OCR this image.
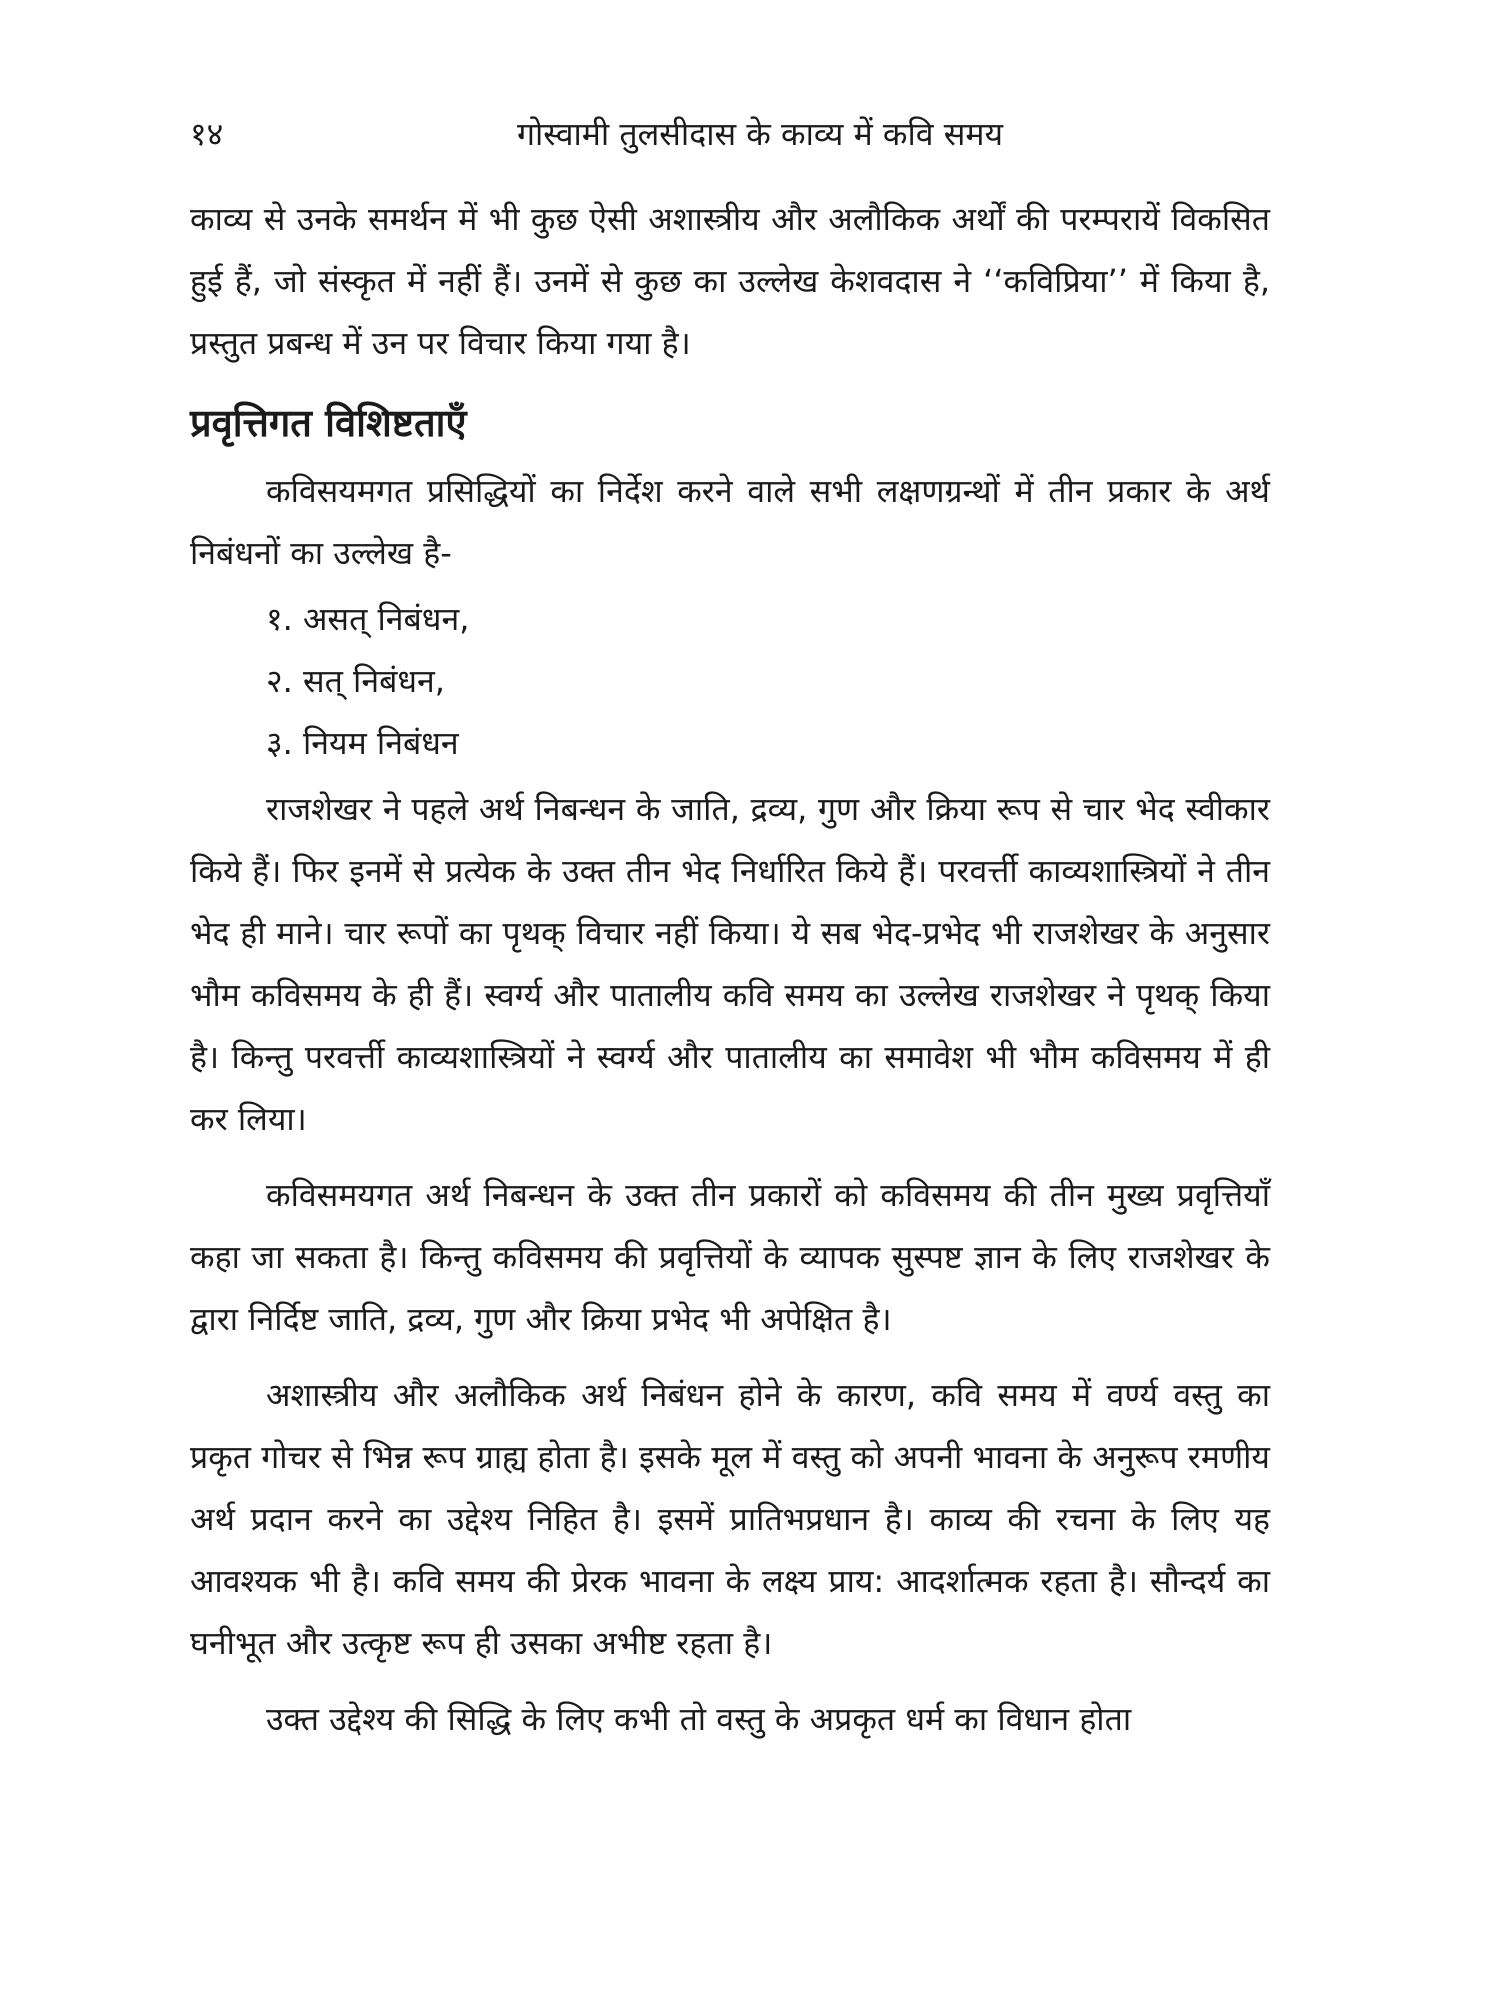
१४	गोस्वामी तुलसीदास के काव्य में कवि समय

काव्य से उनके समर्थन में भी कुछ ऐसी अशास्त्रीय और अलौकिक अर्थों की परम्परायें विकसित हुई हैं, जो संस्कृत में नहीं हैं। उनमें से कुछ का उल्लेख केशवदास ने ‘‘कविप्रिया’’ में किया है, प्रस्तुत प्रबन्ध में उन पर विचार किया गया है।

प्रवृत्तिगत विशिष्टताएँ

कविसयमगत प्रसिद्धियों का निर्देश करने वाले सभी लक्षणग्रन्थों में तीन प्रकार के अर्थ निबंधनों का उल्लेख है-

१. असत् निबंधन,
२. सत् निबंधन,
३. नियम निबंधन

राजशेखर ने पहले अर्थ निबन्धन के जाति, द्रव्य, गुण और क्रिया रूप से चार भेद स्वीकार किये हैं। फिर इनमें से प्रत्येक के उक्त तीन भेद निर्धारित किये हैं। परवर्त्ती काव्यशास्त्रियों ने तीन भेद ही माने। चार रूपों का पृथक् विचार नहीं किया। ये सब भेद-प्रभेद भी राजशेखर के अनुसार भौम कविसमय के ही हैं। स्वर्ग्य और पातालीय कवि समय का उल्लेख राजशेखर ने पृथक् किया है। किन्तु परवर्त्ती काव्यशास्त्रियों ने स्वर्ग्य और पातालीय का समावेश भी भौम कविसमय में ही कर लिया।

कविसमयगत अर्थ निबन्धन के उक्त तीन प्रकारों को कविसमय की तीन मुख्य प्रवृत्तियाँ कहा जा सकता है। किन्तु कविसमय की प्रवृत्तियों के व्यापक सुस्पष्ट ज्ञान के लिए राजशेखर के द्वारा निर्दिष्ट जाति, द्रव्य, गुण और क्रिया प्रभेद भी अपेक्षित है।

अशास्त्रीय और अलौकिक अर्थ निबंधन होने के कारण, कवि समय में वर्ण्य वस्तु का प्रकृत गोचर से भिन्न रूप ग्राह्य होता है। इसके मूल में वस्तु को अपनी भावना के अनुरूप रमणीय अर्थ प्रदान करने का उद्देश्य निहित है। इसमें प्रातिभप्रधान है। काव्य की रचना के लिए यह आवश्यक भी है। कवि समय की प्रेरक भावना के लक्ष्य प्राय: आदर्शात्मक रहता है। सौन्दर्य का घनीभूत और उत्कृष्ट रूप ही उसका अभीष्ट रहता है।

उक्त उद्देश्य की सिद्धि के लिए कभी तो वस्तु के अप्रकृत धर्म का विधान होता
